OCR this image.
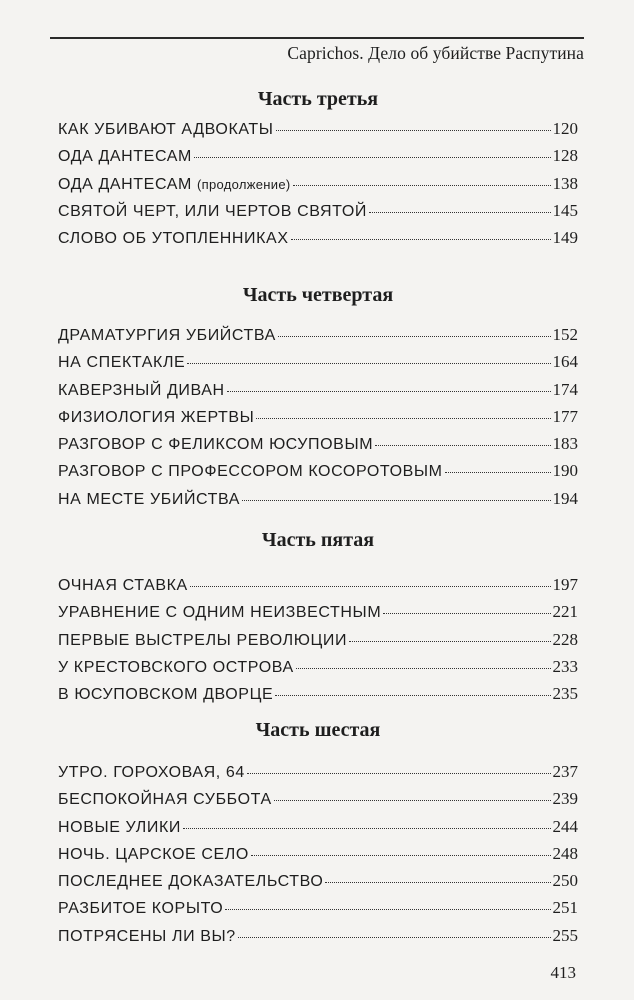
Caprichos. Дело об убийстве Распутина
Часть третья
КАК УБИВАЮТ АДВОКАТЫ	120
ОДА ДАНТЕСАМ	128
ОДА ДАНТЕСАМ (продолжение)	138
СВЯТОЙ ЧЕРТ, ИЛИ ЧЕРТОВ СВЯТОЙ	145
СЛОВО ОБ УТОПЛЕННИКАХ	149
Часть четвертая
ДРАМАТУРГИЯ УБИЙСТВА	152
НА СПЕКТАКЛЕ	164
КАВЕРЗНЫЙ ДИВАН	174
ФИЗИОЛОГИЯ ЖЕРТВЫ	177
РАЗГОВОР С ФЕЛИКСОМ ЮСУПОВЫМ	183
РАЗГОВОР С ПРОФЕССОРОМ КОСОРОТОВЫМ	190
НА МЕСТЕ УБИЙСТВА	194
Часть пятая
ОЧНАЯ СТАВКА	197
УРАВНЕНИЕ С ОДНИМ НЕИЗВЕСТНЫМ	221
ПЕРВЫЕ ВЫСТРЕЛЫ РЕВОЛЮЦИИ	228
У КРЕСТОВСКОГО ОСТРОВА	233
В ЮСУПОВСКОМ ДВОРЦЕ	235
Часть шестая
УТРО. ГОРОХОВАЯ, 64	237
БЕСПОКОЙНАЯ СУББОТА	239
НОВЫЕ УЛИКИ	244
НОЧЬ. ЦАРСКОЕ СЕЛО	248
ПОСЛЕДНЕЕ ДОКАЗАТЕЛЬСТВО	250
РАЗБИТОЕ КОРЫТО	251
ПОТРЯСЕНЫ ЛИ ВЫ?	255
413
